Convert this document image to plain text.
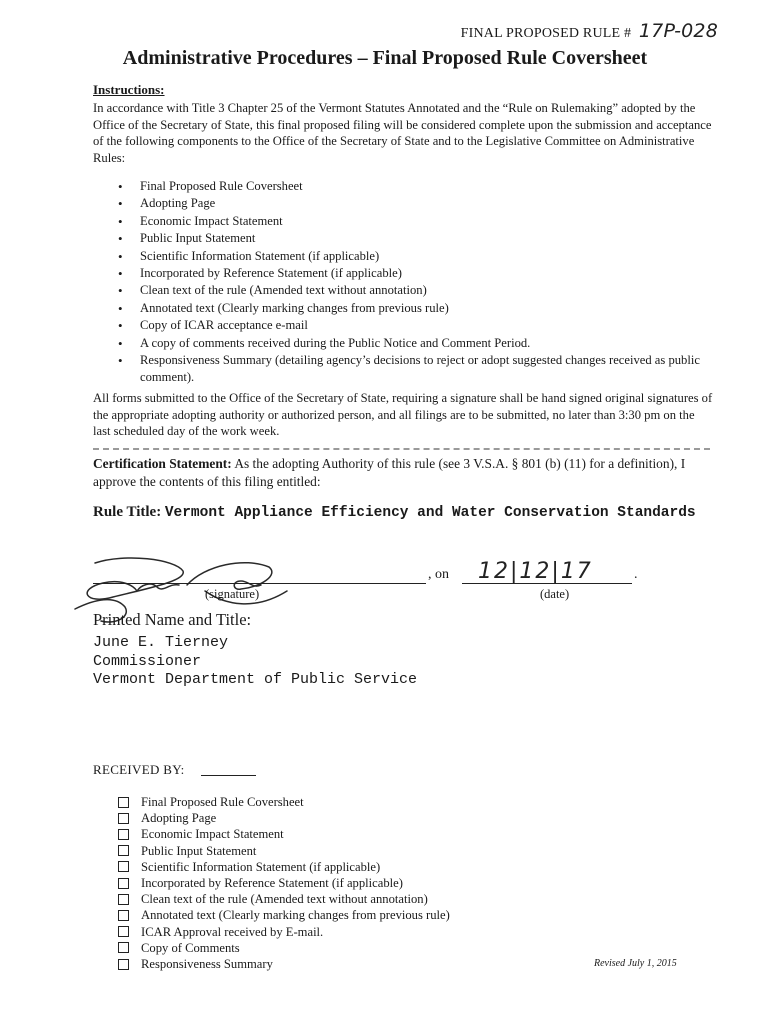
FINAL PROPOSED RULE # 17P-028
Administrative Procedures – Final Proposed Rule Coversheet
Instructions:
In accordance with Title 3 Chapter 25 of the Vermont Statutes Annotated and the “Rule on Rulemaking” adopted by the Office of the Secretary of State, this final proposed filing will be considered complete upon the submission and acceptance of the following components to the Office of the Secretary of State and to the Legislative Committee on Administrative Rules:
• Final Proposed Rule Coversheet
• Adopting Page
• Economic Impact Statement
• Public Input Statement
• Scientific Information Statement (if applicable)
• Incorporated by Reference Statement (if applicable)
• Clean text of the rule (Amended text without annotation)
• Annotated text (Clearly marking changes from previous rule)
• Copy of ICAR acceptance e-mail
• A copy of comments received during the Public Notice and Comment Period.
• Responsiveness Summary (detailing agency’s decisions to reject or adopt suggested changes received as public comment).
All forms submitted to the Office of the Secretary of State, requiring a signature shall be hand signed original signatures of the appropriate adopting authority or authorized person, and all filings are to be submitted, no later than 3:30 pm on the last scheduled day of the work week.
Certification Statement: As the adopting Authority of this rule (see 3 V.S.A. § 801 (b) (11) for a definition), I approve the contents of this filing entitled:
Rule Title: Vermont Appliance Efficiency and Water Conservation Standards
(signature)
, on 12|12|17	.
(date)
Printed Name and Title:
June E. Tierney
Commissioner
Vermont Department of Public Service
RECEIVED BY:
Final Proposed Rule Coversheet
Adopting Page
Economic Impact Statement
Public Input Statement
Scientific Information Statement (if applicable)
Incorporated by Reference Statement (if applicable)
Clean text of the rule (Amended text without annotation)
Annotated text (Clearly marking changes from previous rule)
ICAR Approval received by E-mail.
Copy of Comments
Responsiveness Summary	Revised July 1, 2015
